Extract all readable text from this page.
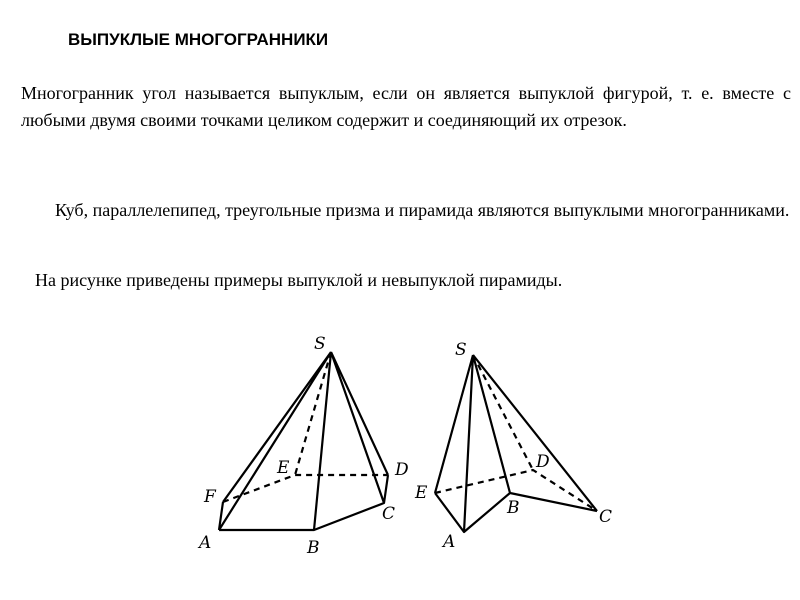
ВЫПУКЛЫЕ МНОГОГРАННИКИ

Многогранник угол называется выпуклым, если он является выпуклой фигурой, т. е. вместе с любыми двумя своими точками целиком содержит и соединяющий их отрезок.

Куб, параллелепипед, треугольные призма и пирамида являются выпуклыми многогранниками.

На рисунке приведены примеры выпуклой и невыпуклой пирамиды.

S
A	B
C
D
E
F
S
A
B	C
D
E
